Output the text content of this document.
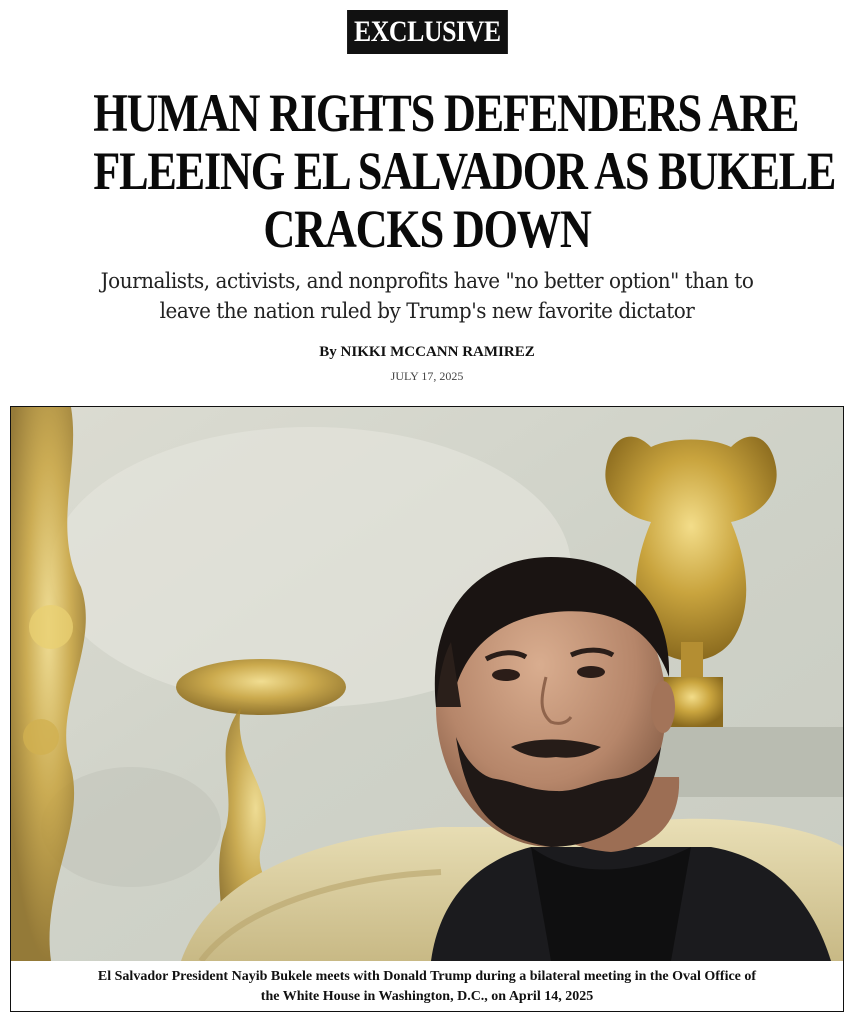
EXCLUSIVE
HUMAN RIGHTS DEFENDERS ARE
FLEEING EL SALVADOR AS BUKELE
CRACKS DOWN

Journalists, activists, and nonprofits have "no better option" than to
leave the nation ruled by Trump's new favorite dictator

By NIKKI MCCANN RAMIREZ
JULY 17, 2025
El Salvador President Nayib Bukele meets with Donald Trump during a bilateral meeting in the Oval Office of
the White House in Washington, D.C., on April 14, 2025
